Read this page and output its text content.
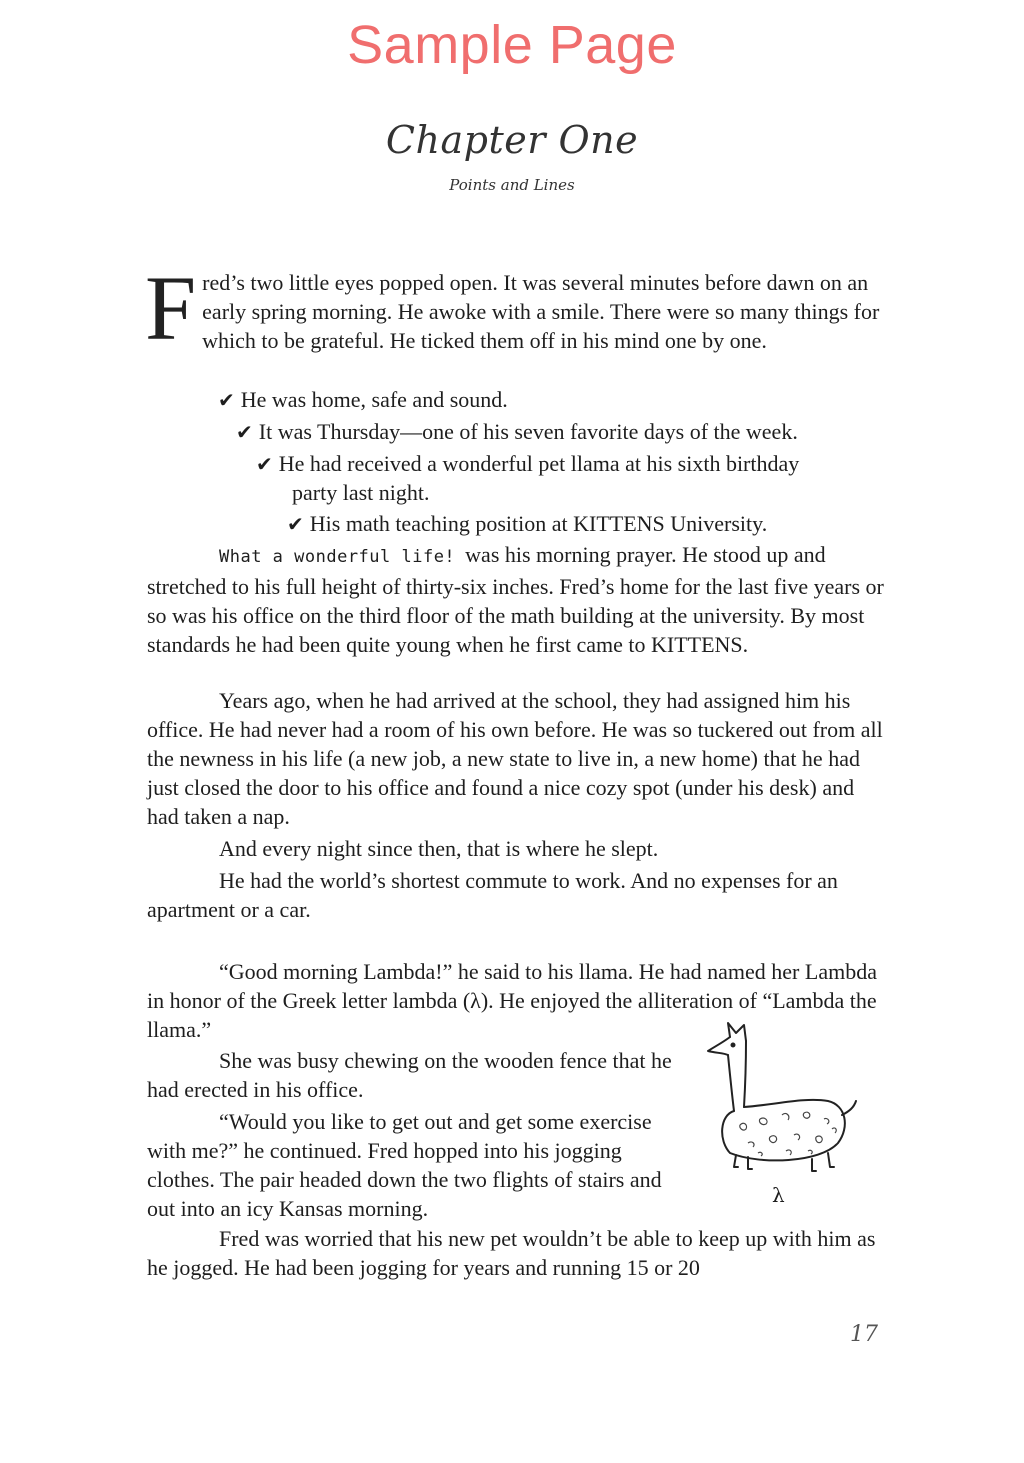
Sample Page
Chapter One
Points and Lines
F red’s two little eyes popped open. It was several minutes before dawn on an early spring morning. He awoke with a smile. There were so many things for which to be grateful. He ticked them off in his mind one by one.
✔ He was home, safe and sound.
✔ It was Thursday—one of his seven favorite days of the week.
✔ He had received a wonderful pet llama at his sixth birthday
party last night.
✔ His math teaching position at KITTENS University.

What a wonderful life! was his morning prayer. He stood up and stretched to his full height of thirty-six inches. Fred’s home for the last five years or so was his office on the third floor of the math building at the university. By most standards he had been quite young when he first came to KITTENS.

Years ago, when he had arrived at the school, they had assigned him his office. He had never had a room of his own before. He was so tuckered out from all the newness in his life (a new job, a new state to live in, a new home) that he had just closed the door to his office and found a nice cozy spot (under his desk) and had taken a nap.

And every night since then, that is where he slept.

He had the world’s shortest commute to work. And no expenses for an apartment or a car.

“Good morning Lambda!” he said to his llama. He had named her Lambda in honor of the Greek letter lambda (λ). He enjoyed the alliteration of “Lambda the llama.”

She was busy chewing on the wooden fence that he had erected in his office.

“Would you like to get out and get some exercise with me?” he continued. Fred hopped into his jogging clothes. The pair headed down the two flights of stairs and out into an icy Kansas morning.

Fred was worried that his new pet wouldn’t be able to keep up with him as he jogged. He had been jogging for years and running 15 or 20

λ
17
